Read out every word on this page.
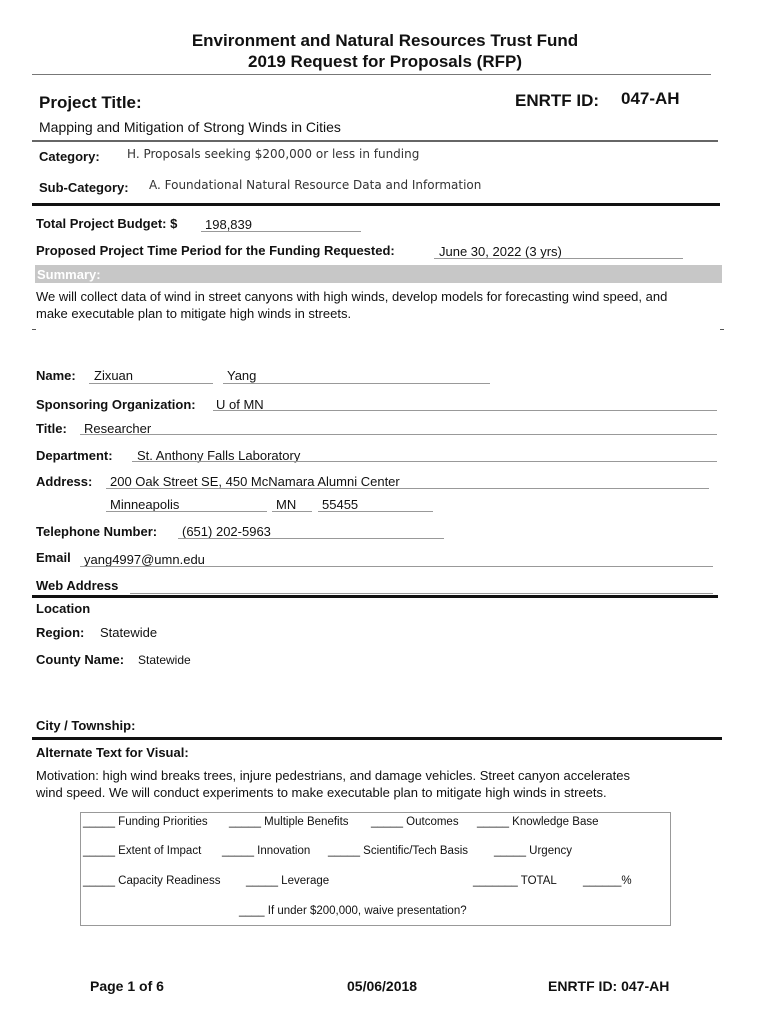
Environment and Natural Resources Trust Fund
2019 Request for Proposals (RFP)
Project Title:	ENRTF ID: 047-AH
Mapping and Mitigation of Strong Winds in Cities
Category: H. Proposals seeking $200,000 or less in funding
Sub-Category: A. Foundational Natural Resource Data and Information
Total Project Budget: $ 198,839
Proposed Project Time Period for the Funding Requested:	June 30, 2022 (3 yrs)
Summary:
We will collect data of wind in street canyons with high winds, develop models for forecasting wind speed, and
make executable plan to mitigate high winds in streets.
Name: Zixuan	Yang
Sponsoring Organization: U of MN
Title: Researcher
Department: St. Anthony Falls Laboratory
Address: 200 Oak Street SE, 450 McNamara Alumni Center
Minneapolis	MN 55455
Telephone Number: (651) 202-5963
Email yang4997@umn.edu
Web Address
Location
Region: Statewide
County Name: Statewide
City / Township:
Alternate Text for Visual:
Motivation: high wind breaks trees, injure pedestrians, and damage vehicles. Street canyon accelerates
wind speed. We will conduct experiments to make executable plan to mitigate high winds in streets.
_____ Funding Priorities _____ Multiple Benefits _____ Outcomes _____ Knowledge Base
_____ Extent of Impact _____ Innovation _____ Scientific/Tech Basis _____ Urgency
_____ Capacity Readiness _____ Leverage	_______ TOTAL ______%
____ If under $200,000, waive presentation?
Page 1 of 6	05/06/2018	ENRTF ID: 047-AH
